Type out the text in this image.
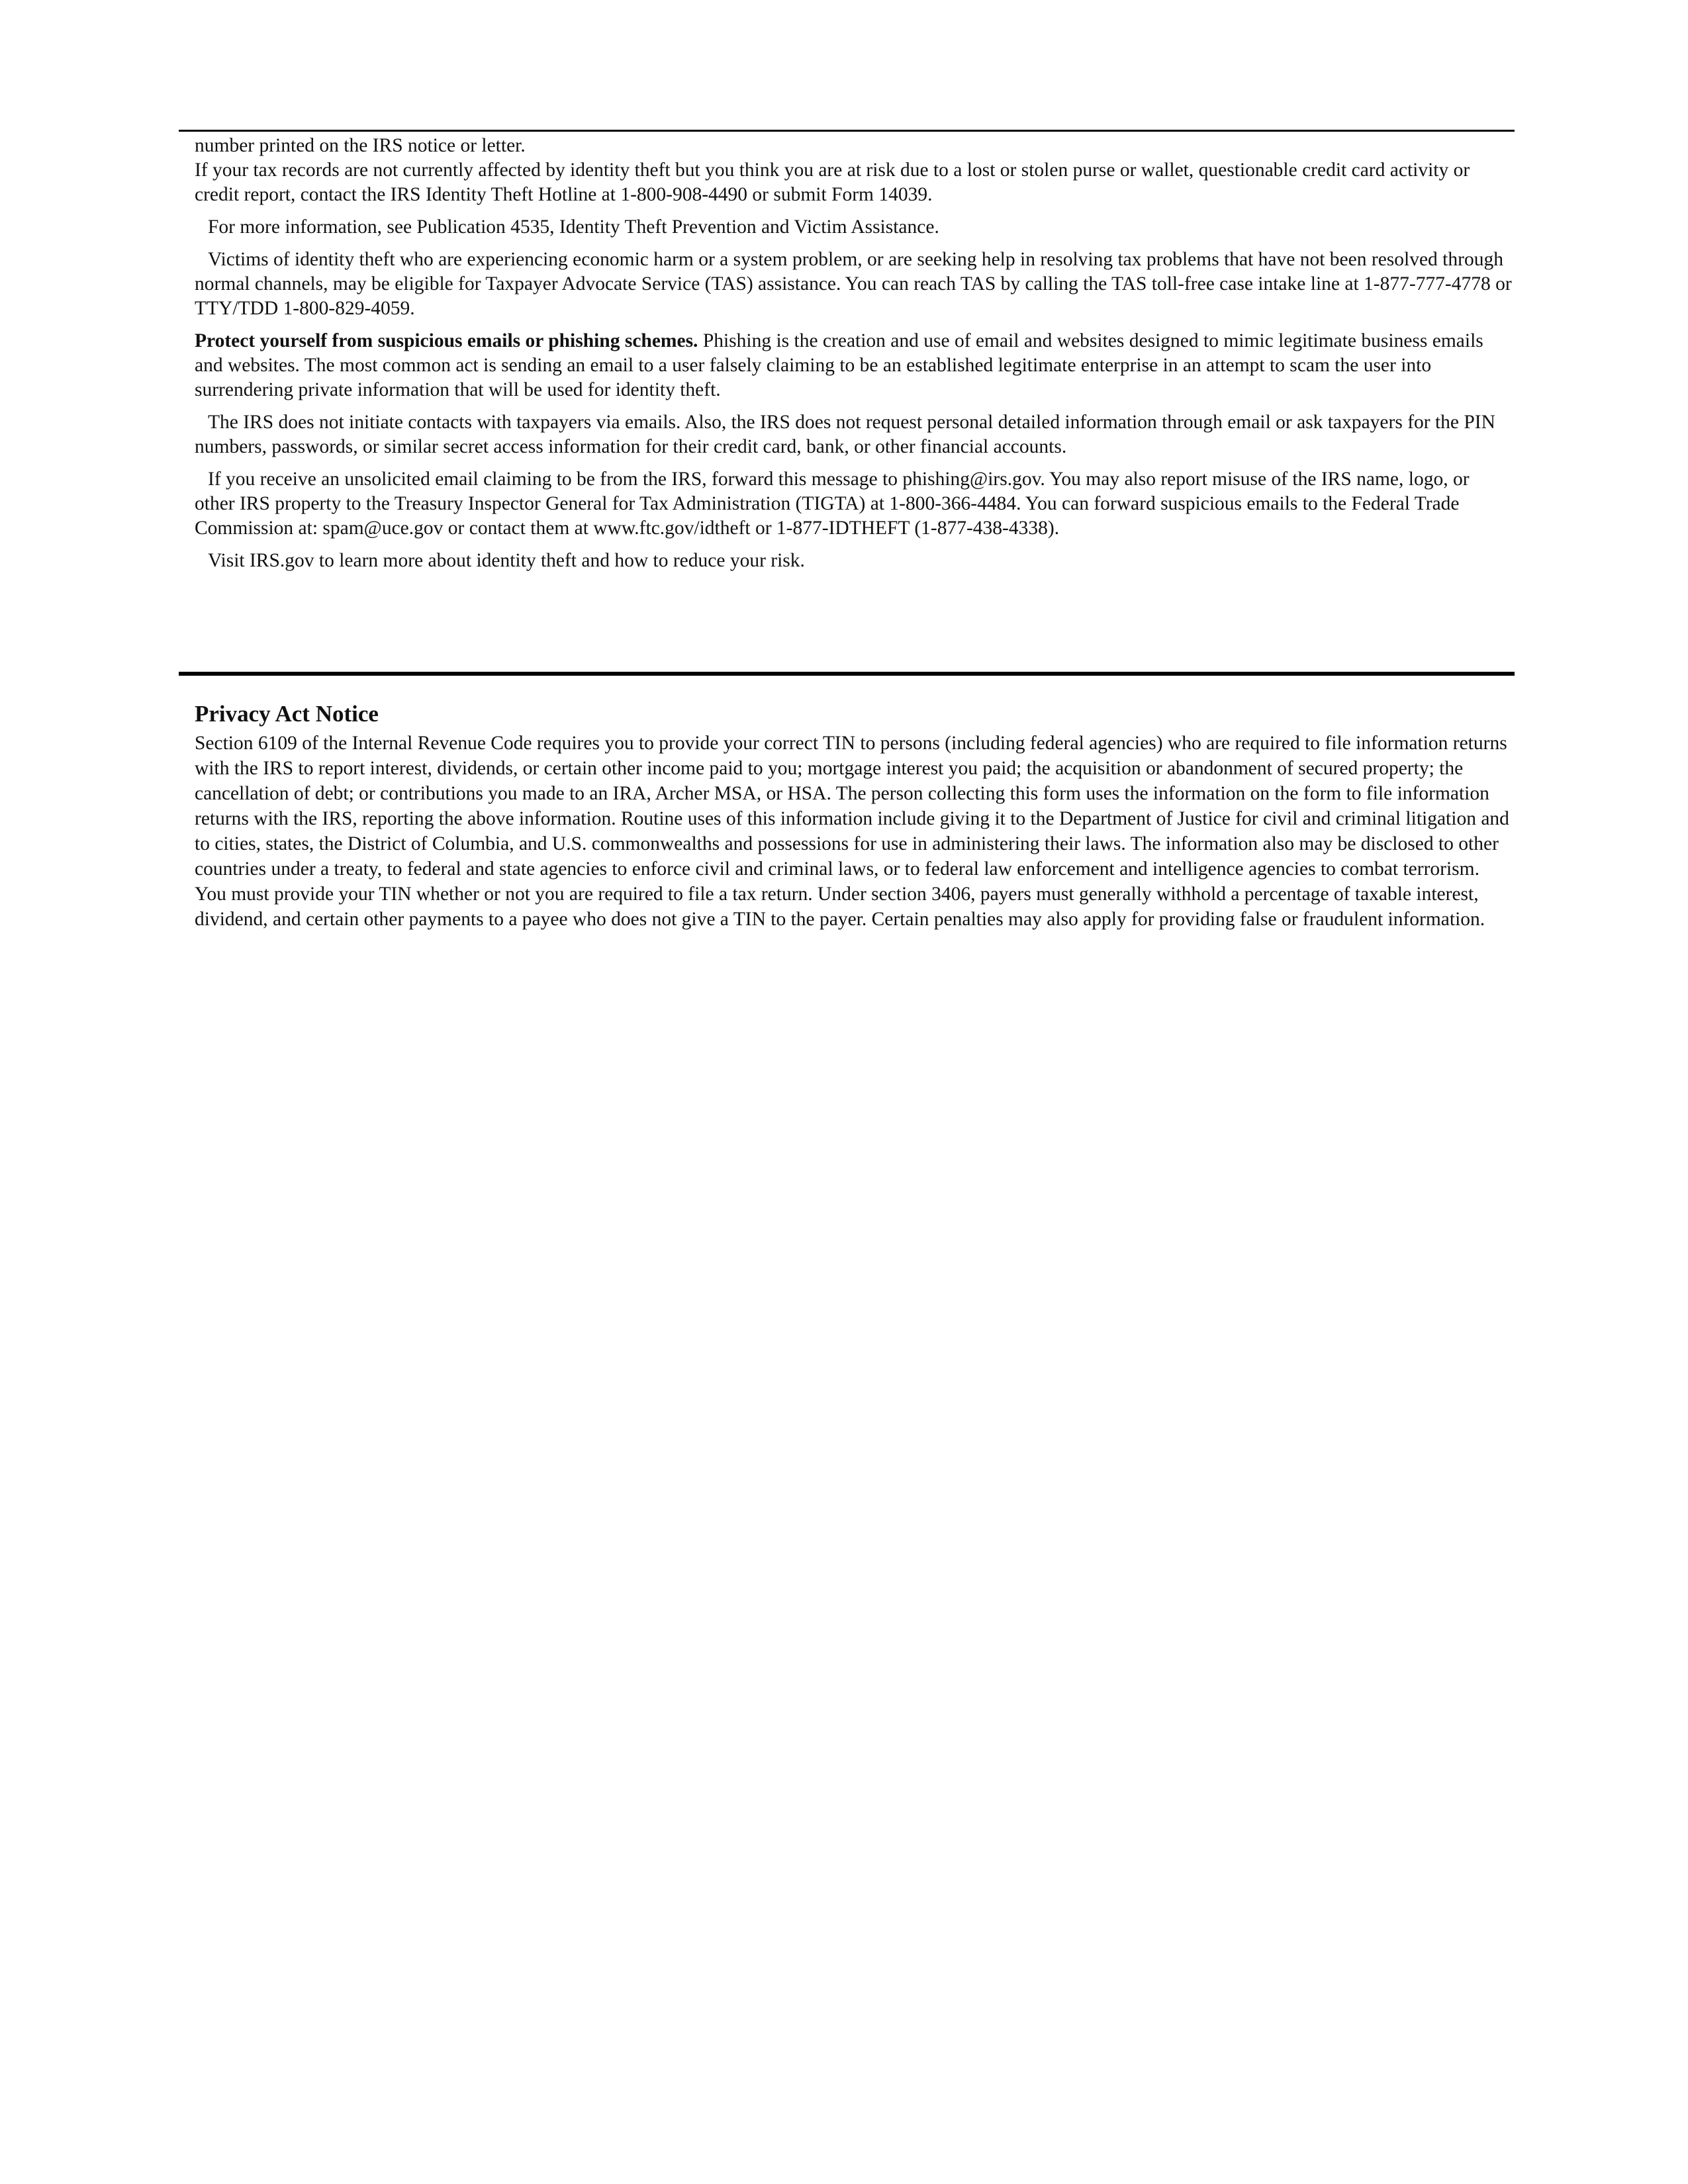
number printed on the IRS notice or letter.

If your tax records are not currently affected by identity theft but you think you are at risk due to a lost or stolen purse or wallet, questionable credit card activity or credit report, contact the IRS Identity Theft Hotline at 1-800-908-4490 or submit Form 14039.

For more information, see Publication 4535, Identity Theft Prevention and Victim Assistance.

Victims of identity theft who are experiencing economic harm or a system problem, or are seeking help in resolving tax problems that have not been resolved through normal channels, may be eligible for Taxpayer Advocate Service (TAS) assistance. You can reach TAS by calling the TAS toll-free case intake line at 1-877-777-4778 or TTY/TDD 1-800-829-4059.

Protect yourself from suspicious emails or phishing schemes. Phishing is the creation and use of email and websites designed to mimic legitimate business emails and websites. The most common act is sending an email to a user falsely claiming to be an established legitimate enterprise in an attempt to scam the user into surrendering private information that will be used for identity theft.

The IRS does not initiate contacts with taxpayers via emails. Also, the IRS does not request personal detailed information through email or ask taxpayers for the PIN numbers, passwords, or similar secret access information for their credit card, bank, or other financial accounts.

If you receive an unsolicited email claiming to be from the IRS, forward this message to phishing@irs.gov. You may also report misuse of the IRS name, logo, or other IRS property to the Treasury Inspector General for Tax Administration (TIGTA) at 1-800-366-4484. You can forward suspicious emails to the Federal Trade Commission at: spam@uce.gov or contact them at www.ftc.gov/idtheft or 1-877-IDTHEFT (1-877-438-4338).

Visit IRS.gov to learn more about identity theft and how to reduce your risk.

Privacy Act Notice

Section 6109 of the Internal Revenue Code requires you to provide your correct TIN to persons (including federal agencies) who are required to file information returns with the IRS to report interest, dividends, or certain other income paid to you; mortgage interest you paid; the acquisition or abandonment of secured property; the cancellation of debt; or contributions you made to an IRA, Archer MSA, or HSA. The person collecting this form uses the information on the form to file information returns with the IRS, reporting the above information. Routine uses of this information include giving it to the Department of Justice for civil and criminal litigation and to cities, states, the District of Columbia, and U.S. commonwealths and possessions for use in administering their laws. The information also may be disclosed to other countries under a treaty, to federal and state agencies to enforce civil and criminal laws, or to federal law enforcement and intelligence agencies to combat terrorism. You must provide your TIN whether or not you are required to file a tax return. Under section 3406, payers must generally withhold a percentage of taxable interest, dividend, and certain other payments to a payee who does not give a TIN to the payer. Certain penalties may also apply for providing false or fraudulent information.
